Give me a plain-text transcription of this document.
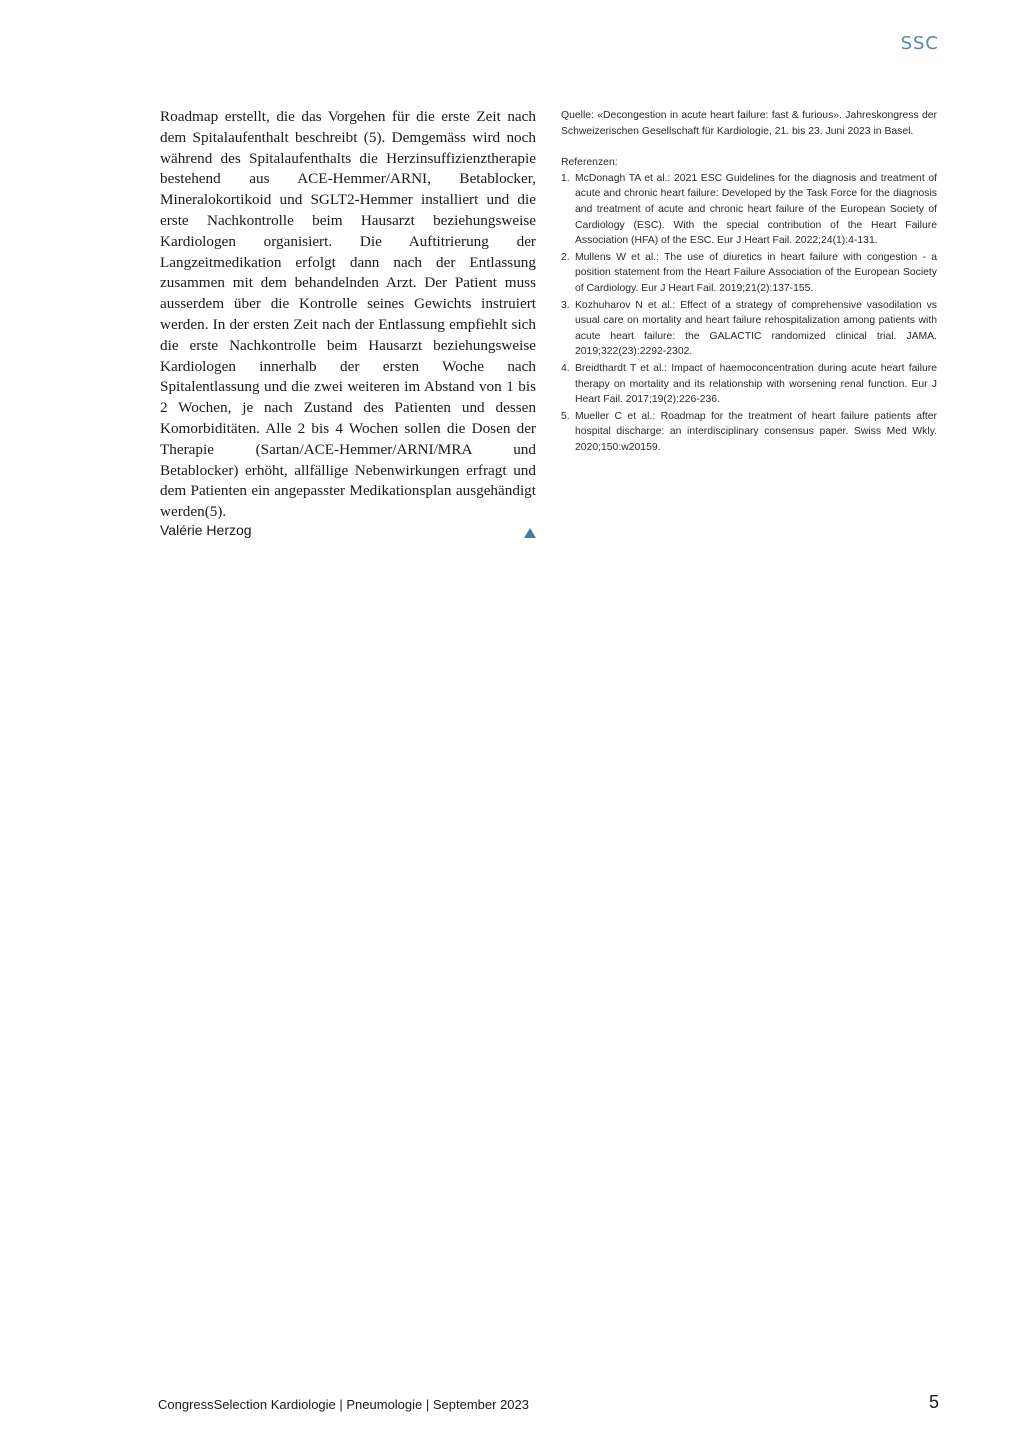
SSC

Roadmap erstellt, die das Vorgehen für die erste Zeit nach dem Spitalaufenthalt beschreibt (5). Demgemäss wird noch während des Spitalaufenthalts die Herzinsuffizienztherapie bestehend aus ACE-Hemmer/ARNI, Betablocker, Mineralokortikoid und SGLT2-Hemmer installiert und die erste Nachkontrolle beim Hausarzt beziehungsweise Kardiologen organisiert. Die Auftitrierung der Langzeitmedikation erfolgt dann nach der Entlassung zusammen mit dem behandelnden Arzt. Der Patient muss ausserdem über die Kontrolle seines Gewichts instruiert werden. In der ersten Zeit nach der Entlassung empfiehlt sich die erste Nachkontrolle beim Hausarzt beziehungsweise Kardiologen innerhalb der ersten Woche nach Spitalentlassung und die zwei weiteren im Abstand von 1 bis 2 Wochen, je nach Zustand des Patienten und dessen Komorbiditäten. Alle 2 bis 4 Wochen sollen die Dosen der Therapie (Sartan/ACE-Hemmer/ARNI/MRA und Betablocker) erhöht, allfällige Nebenwirkungen erfragt und dem Patienten ein angepasster Medikationsplan ausgehändigt werden(5).

Valérie Herzog

Quelle: «Decongestion in acute heart failure: fast & furious». Jahreskongress der Schweizerischen Gesellschaft für Kardiologie, 21. bis 23. Juni 2023 in Basel.

Referenzen:

1. McDonagh TA et al.: 2021 ESC Guidelines for the diagnosis and treatment of acute and chronic heart failure: Developed by the Task Force for the diagnosis and treatment of acute and chronic heart failure of the European Society of Cardiology (ESC). With the special contribution of the Heart Failure Association (HFA) of the ESC. Eur J Heart Fail. 2022;24(1):4-131.
2. Mullens W et al.: The use of diuretics in heart failure with congestion - a position statement from the Heart Failure Association of the European Society of Cardiology. Eur J Heart Fail. 2019;21(2):137-155.
3. Kozhuharov N et al.: Effect of a strategy of comprehensive vasodilation vs usual care on mortality and heart failure rehospitalization among patients with acute heart failure: the GALACTIC randomized clinical trial. JAMA. 2019;322(23):2292-2302.
4. Breidthardt T et al.: Impact of haemoconcentration during acute heart failure therapy on mortality and its relationship with worsening renal function. Eur J Heart Fail. 2017;19(2):226-236.
5. Mueller C et al.: Roadmap for the treatment of heart failure patients after hospital discharge: an interdisciplinary consensus paper. Swiss Med Wkly. 2020;150:w20159.
CongressSelection Kardiologie | Pneumologie | September 2023	5
